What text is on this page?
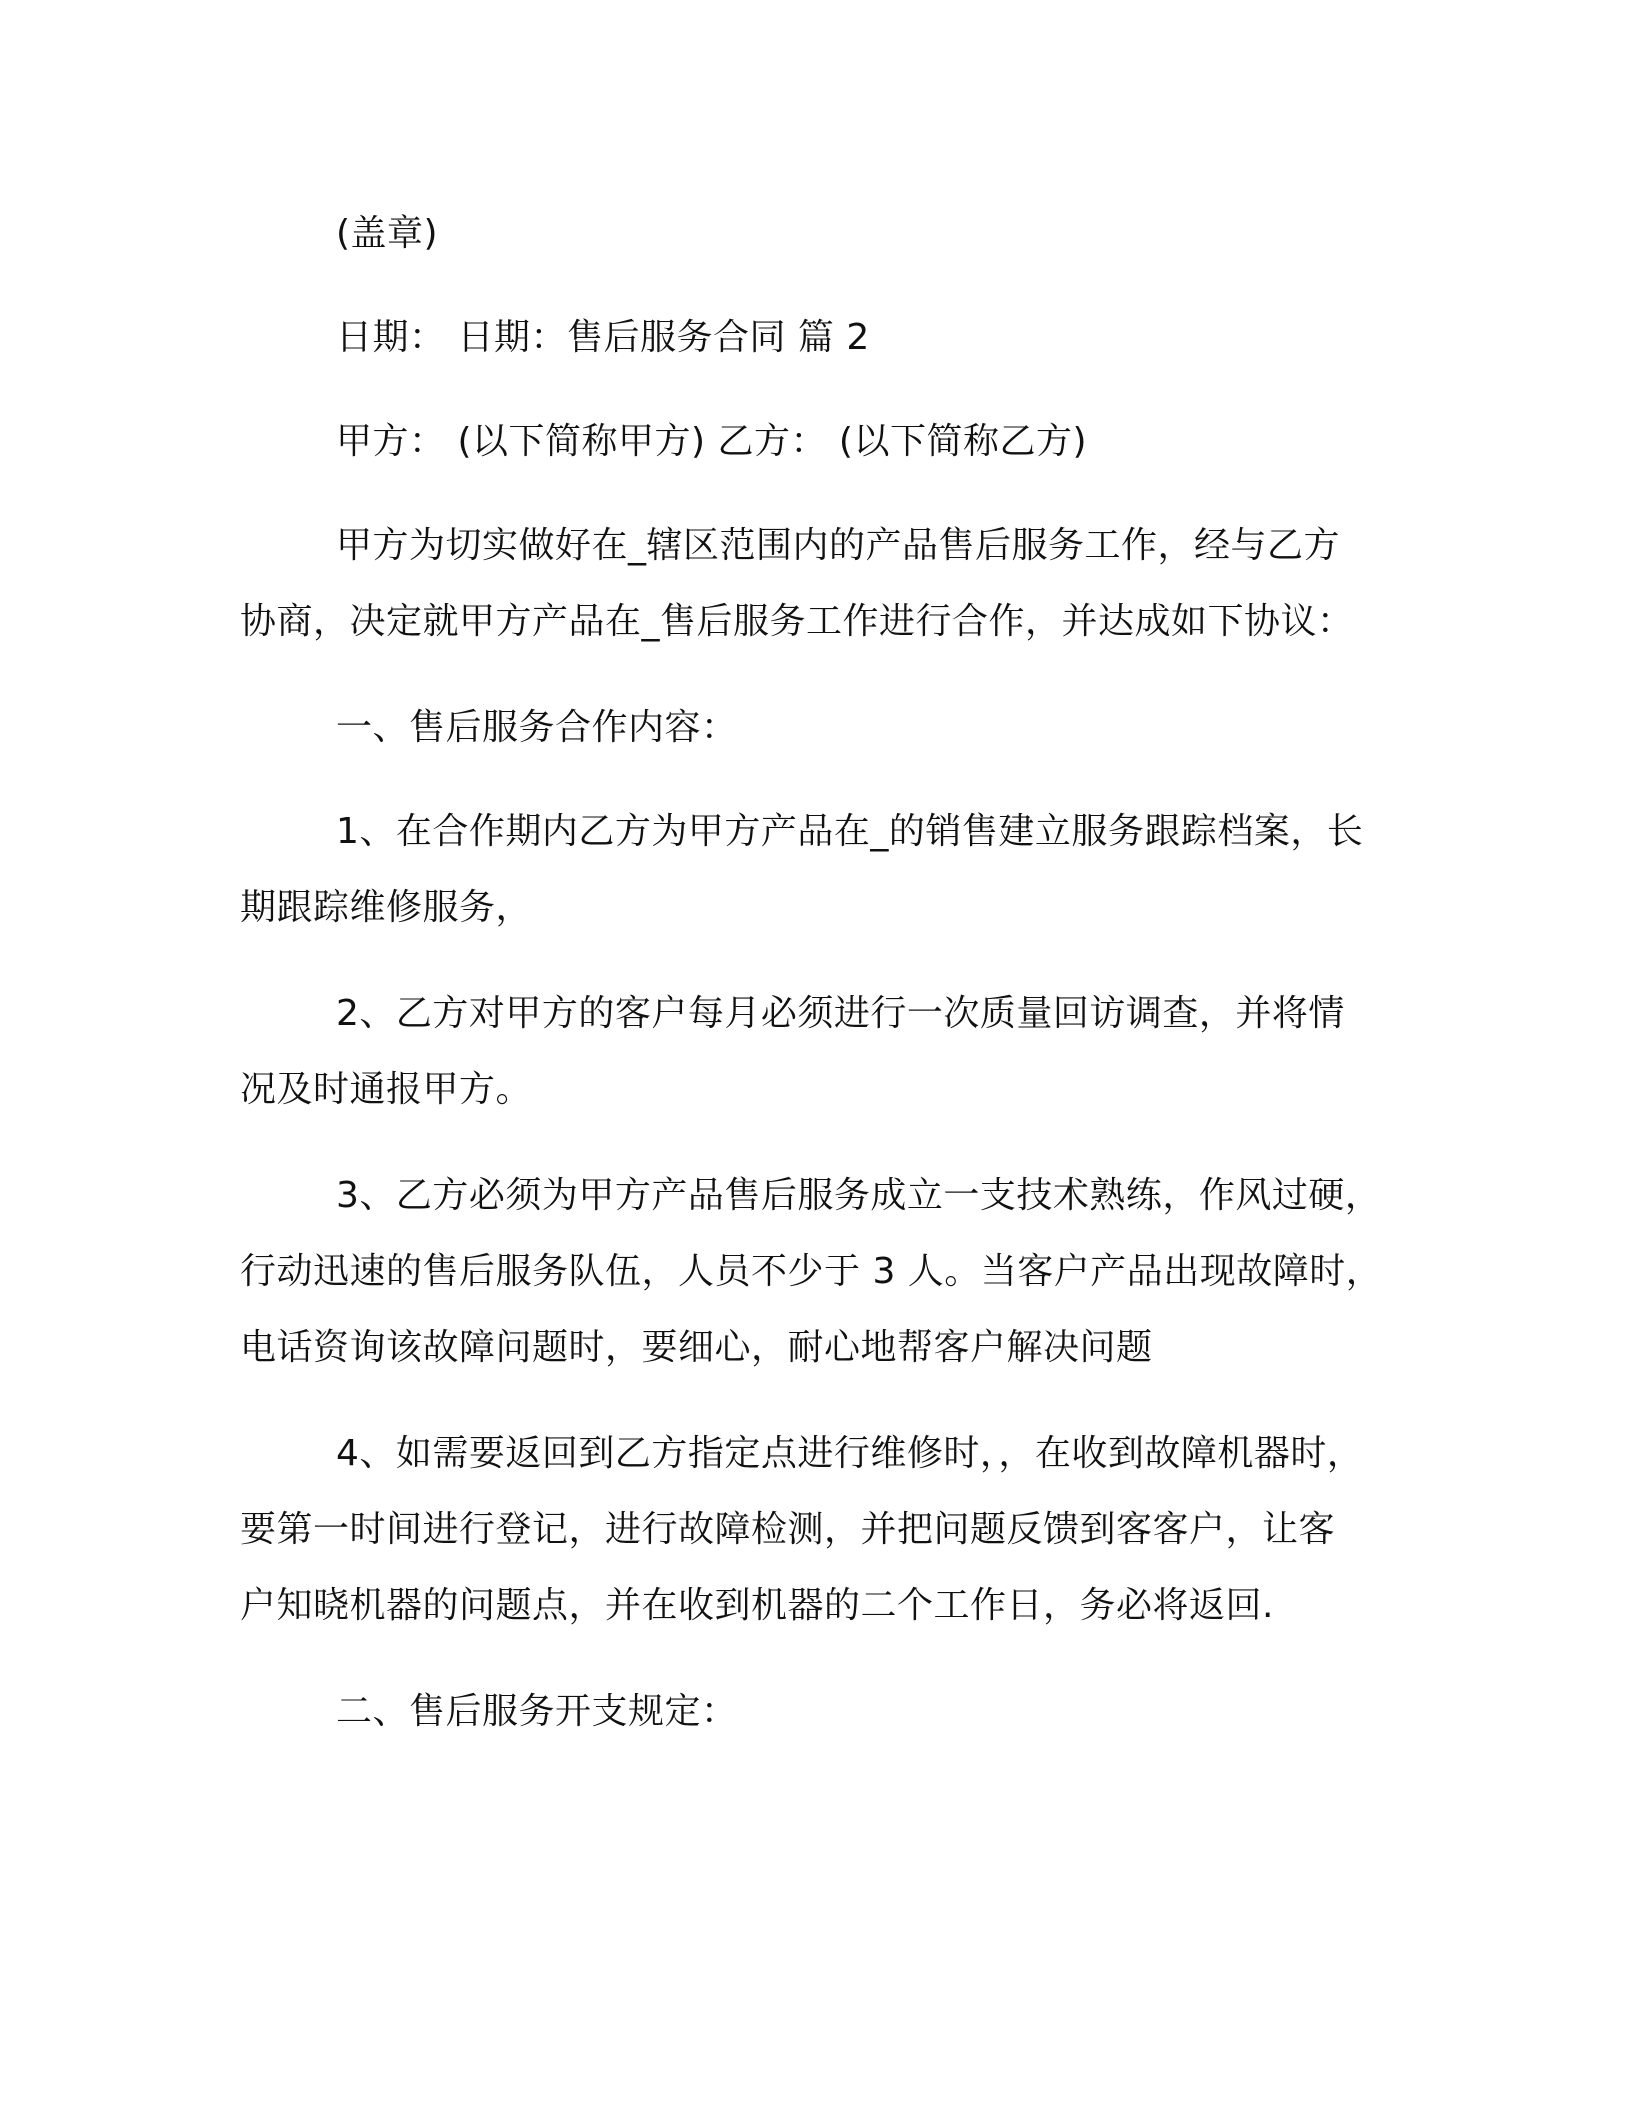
(盖章)
日期： 日期：售后服务合同 篇 2
甲方： (以下简称甲方) 乙方： (以下简称乙方)
甲方为切实做好在_辖区范围内的产品售后服务工作，经与乙方
协商，决定就甲方产品在_售后服务工作进行合作，并达成如下协议：
一、售后服务合作内容：
1、在合作期内乙方为甲方产品在_的销售建立服务跟踪档案，长
期跟踪维修服务，
2、乙方对甲方的客户每月必须进行一次质量回访调查，并将情
况及时通报甲方。
3、乙方必须为甲方产品售后服务成立一支技术熟练，作风过硬，
行动迅速的售后服务队伍，人员不少于 3 人。当客户产品出现故障时，
电话资询该故障问题时，要细心，耐心地帮客户解决问题
4、如需要返回到乙方指定点进行维修时，，在收到故障机器时，
要第一时间进行登记，进行故障检测，并把问题反馈到客客户，让客
户知晓机器的问题点，并在收到机器的二个工作日，务必将返回.
二、售后服务开支规定：
